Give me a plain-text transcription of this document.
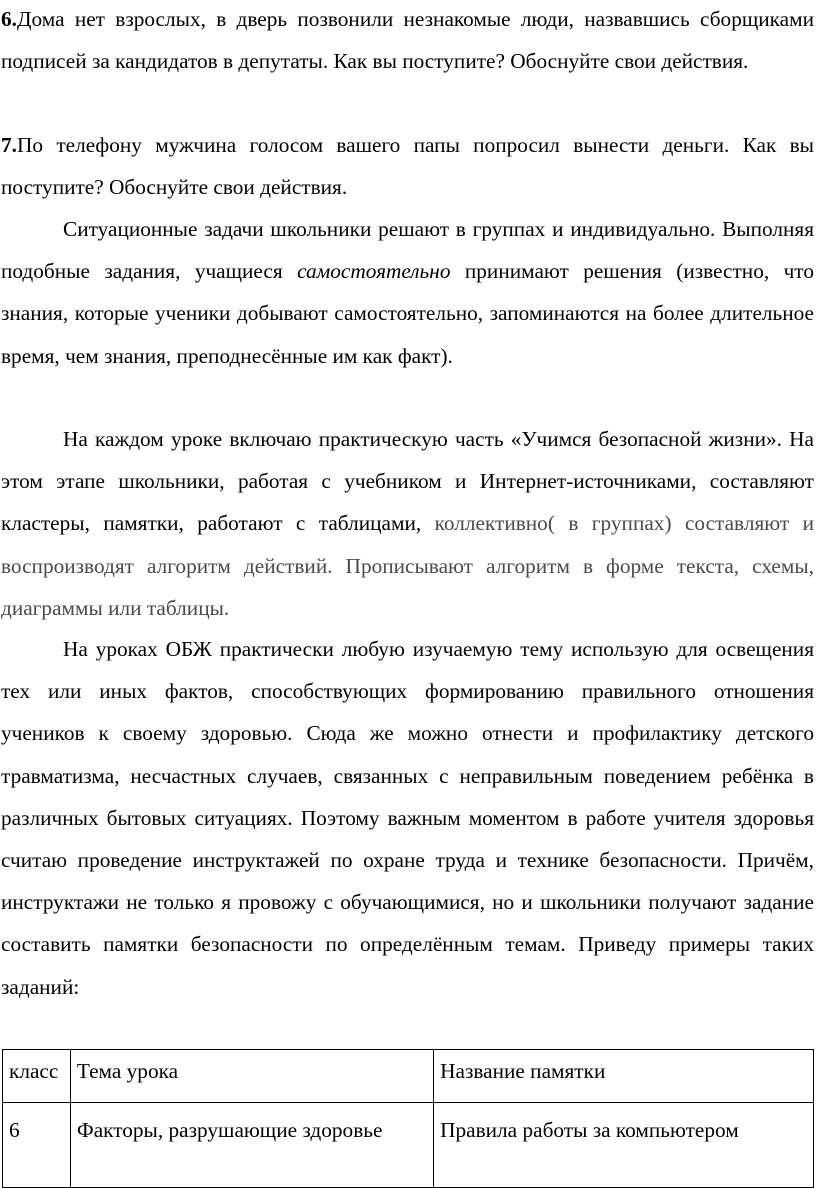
6.Дома нет взрослых, в дверь позвонили незнакомые люди, назвавшись сборщиками подписей за кандидатов в депутаты. Как вы поступите? Обоснуйте свои действия.

7.По телефону мужчина голосом вашего папы попросил вынести деньги. Как вы поступите? Обоснуйте свои действия.

Ситуационные задачи школьники решают в группах и индивидуально. Выполняя подобные задания, учащиеся самостоятельно принимают решения (известно, что знания, которые ученики добывают самостоятельно, запоминаются на более длительное время, чем знания, преподнесённые им как факт).

На каждом уроке включаю практическую часть «Учимся безопасной жизни». На этом этапе школьники, работая с учебником и Интернет-источниками, составляют кластеры, памятки, работают с таблицами, коллективно( в группах) составляют и воспроизводят алгоритм действий. Прописывают алгоритм в форме текста, схемы, диаграммы или таблицы.

На уроках ОБЖ практически любую изучаемую тему использую для освещения тех или иных фактов, способствующих формированию правильного отношения учеников к своему здоровью. Сюда же можно отнести и профилактику детского травматизма, несчастных случаев, связанных с неправильным поведением ребёнка в различных бытовых ситуациях. Поэтому важным моментом в работе учителя здоровья считаю проведение инструктажей по охране труда и технике безопасности. Причём, инструктажи не только я провожу с обучающимися, но и школьники получают задание составить памятки безопасности по определённым темам. Приведу примеры таких заданий:

класс	Тема урока	Название памятки
6	Факторы, разрушающие здоровье	Правила работы за компьютером
